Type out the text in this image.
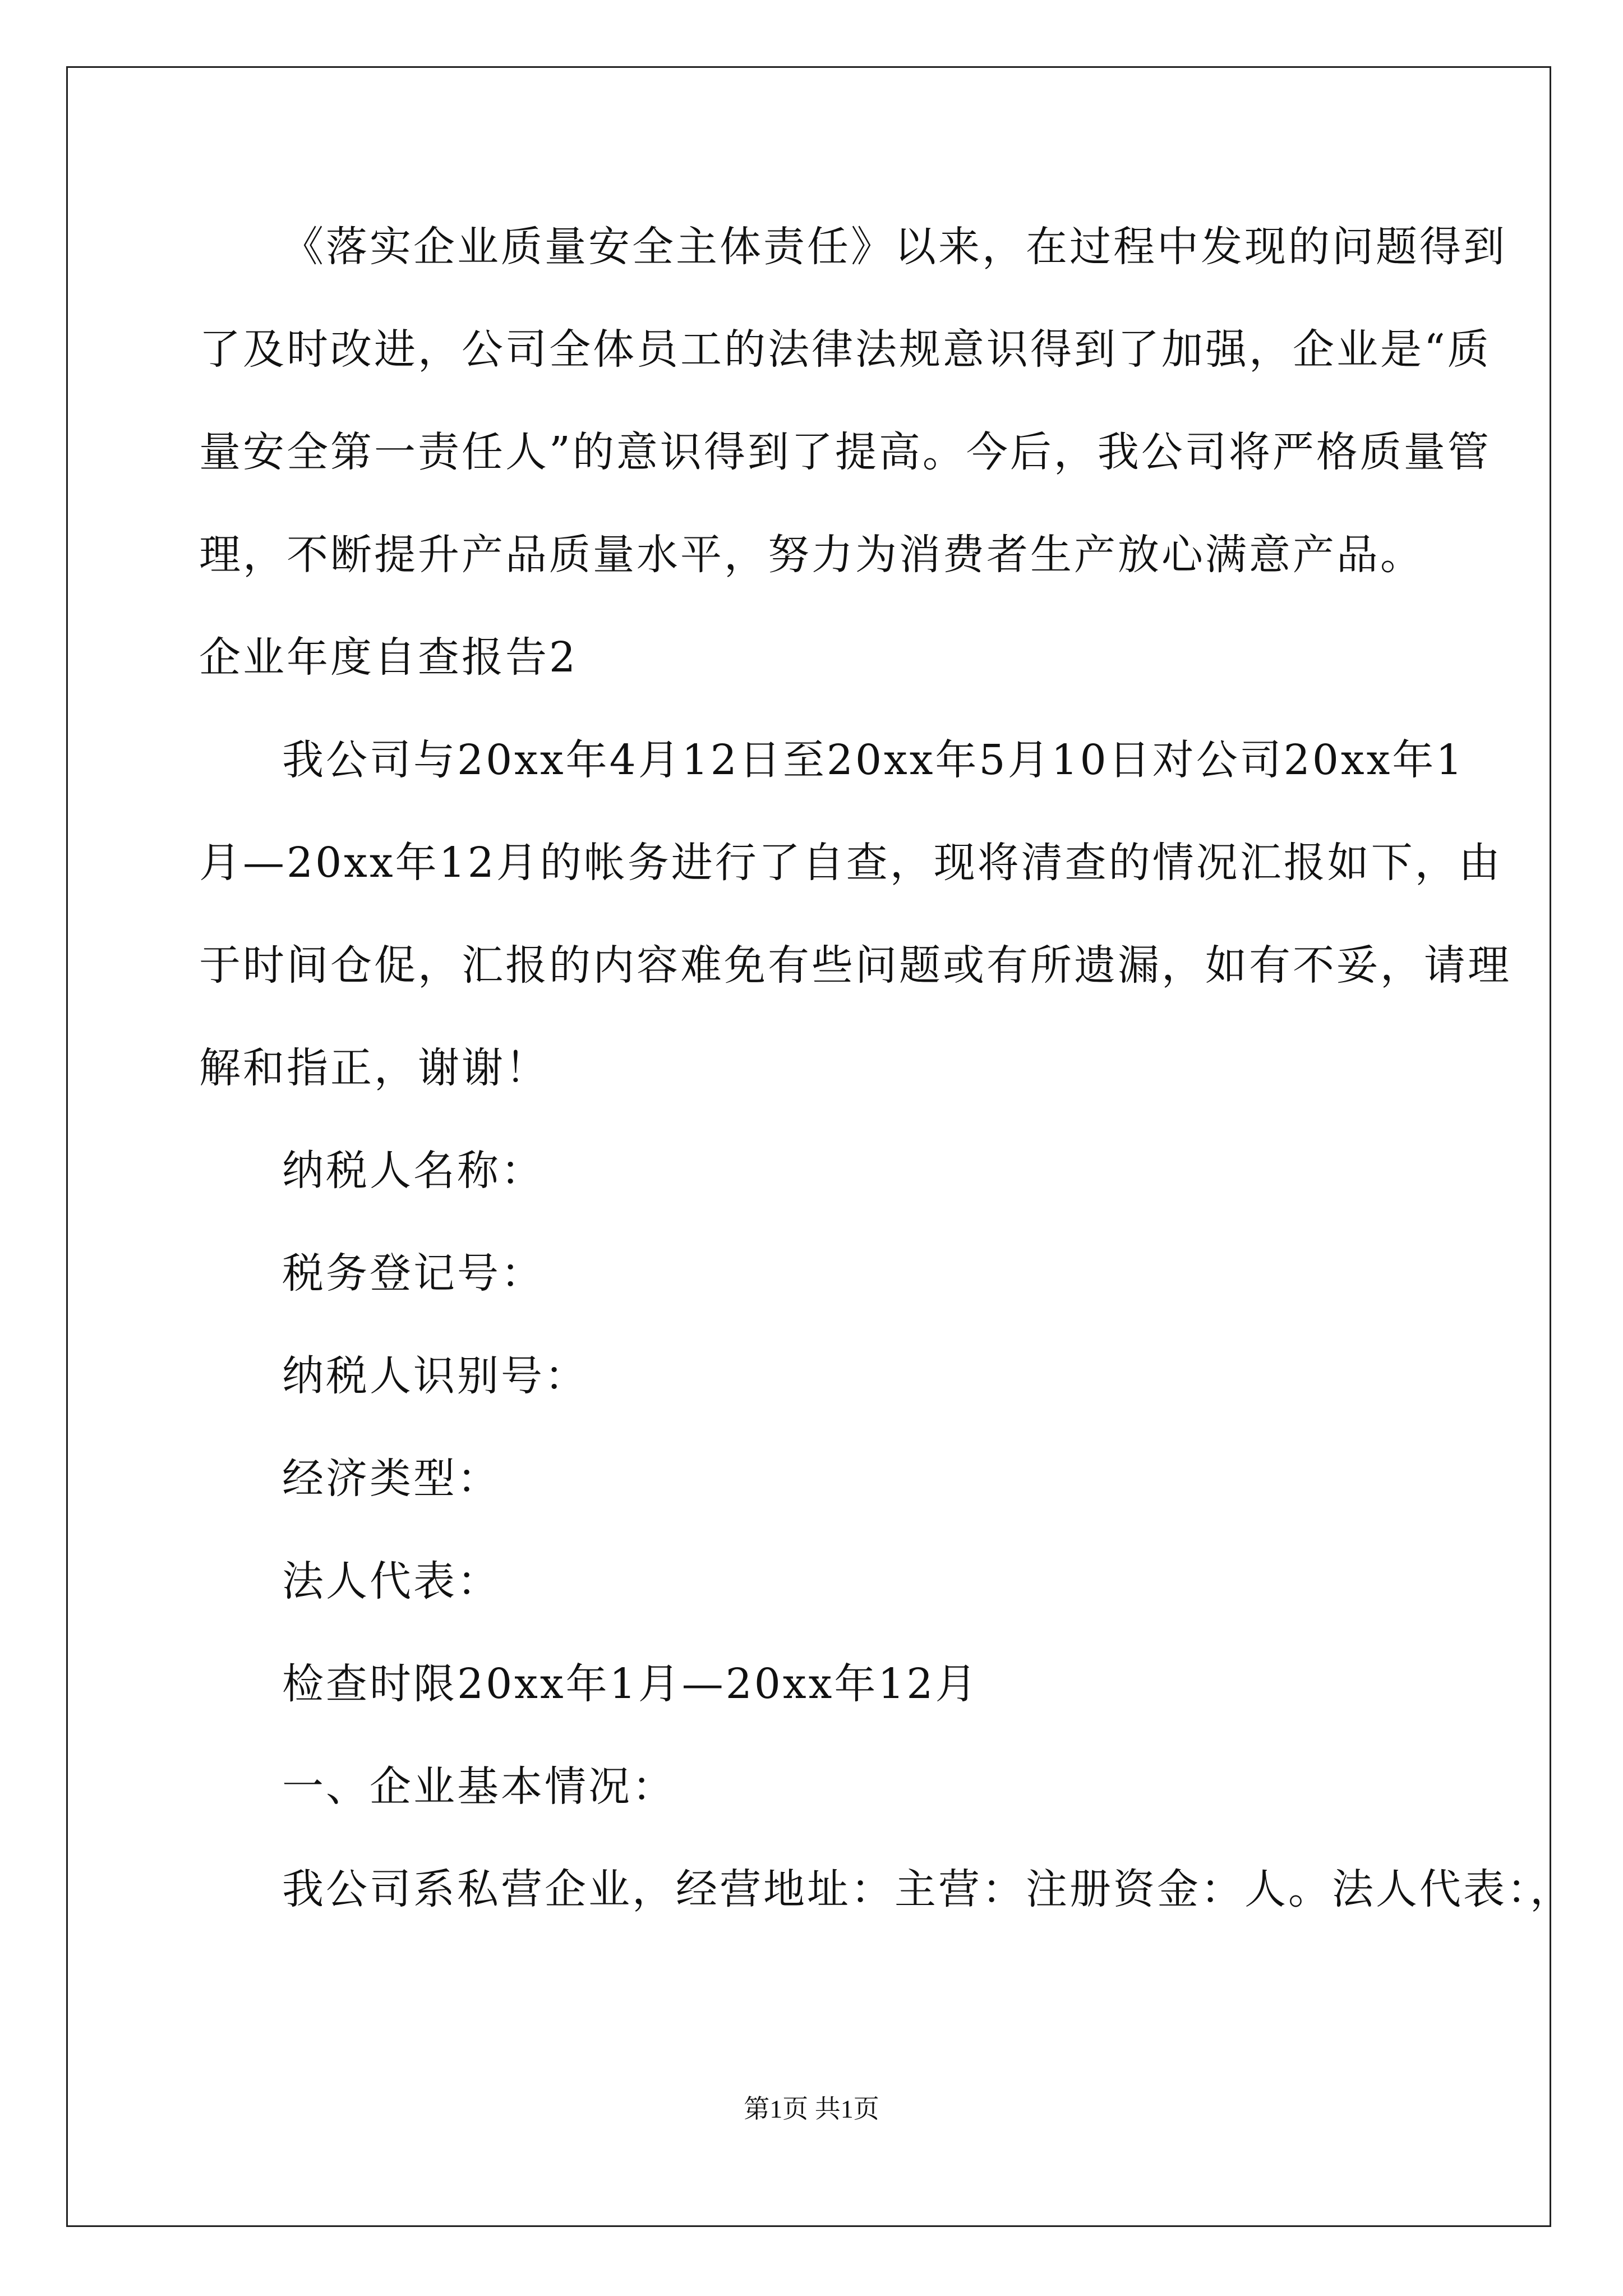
《落实企业质量安全主体责任》以来，在过程中发现的问题得到
了及时改进，公司全体员工的法律法规意识得到了加强，企业是“质
量安全第一责任人”的意识得到了提高。今后，我公司将严格质量管
理，不断提升产品质量水平，努力为消费者生产放心满意产品。
企业年度自查报告2
我公司与20xx年4月12日至20xx年5月10日对公司20xx年1
月—20xx年12月的帐务进行了自查，现将清查的情况汇报如下，由
于时间仓促，汇报的内容难免有些问题或有所遗漏，如有不妥，请理
解和指正，谢谢！
纳税人名称：
税务登记号：
纳税人识别号：
经济类型：
法人代表：
检查时限20xx年1月—20xx年12月
一、企业基本情况：
我公司系私营企业，经营地址：主营：注册资金：人。法人代表：，
第1页 共1页
